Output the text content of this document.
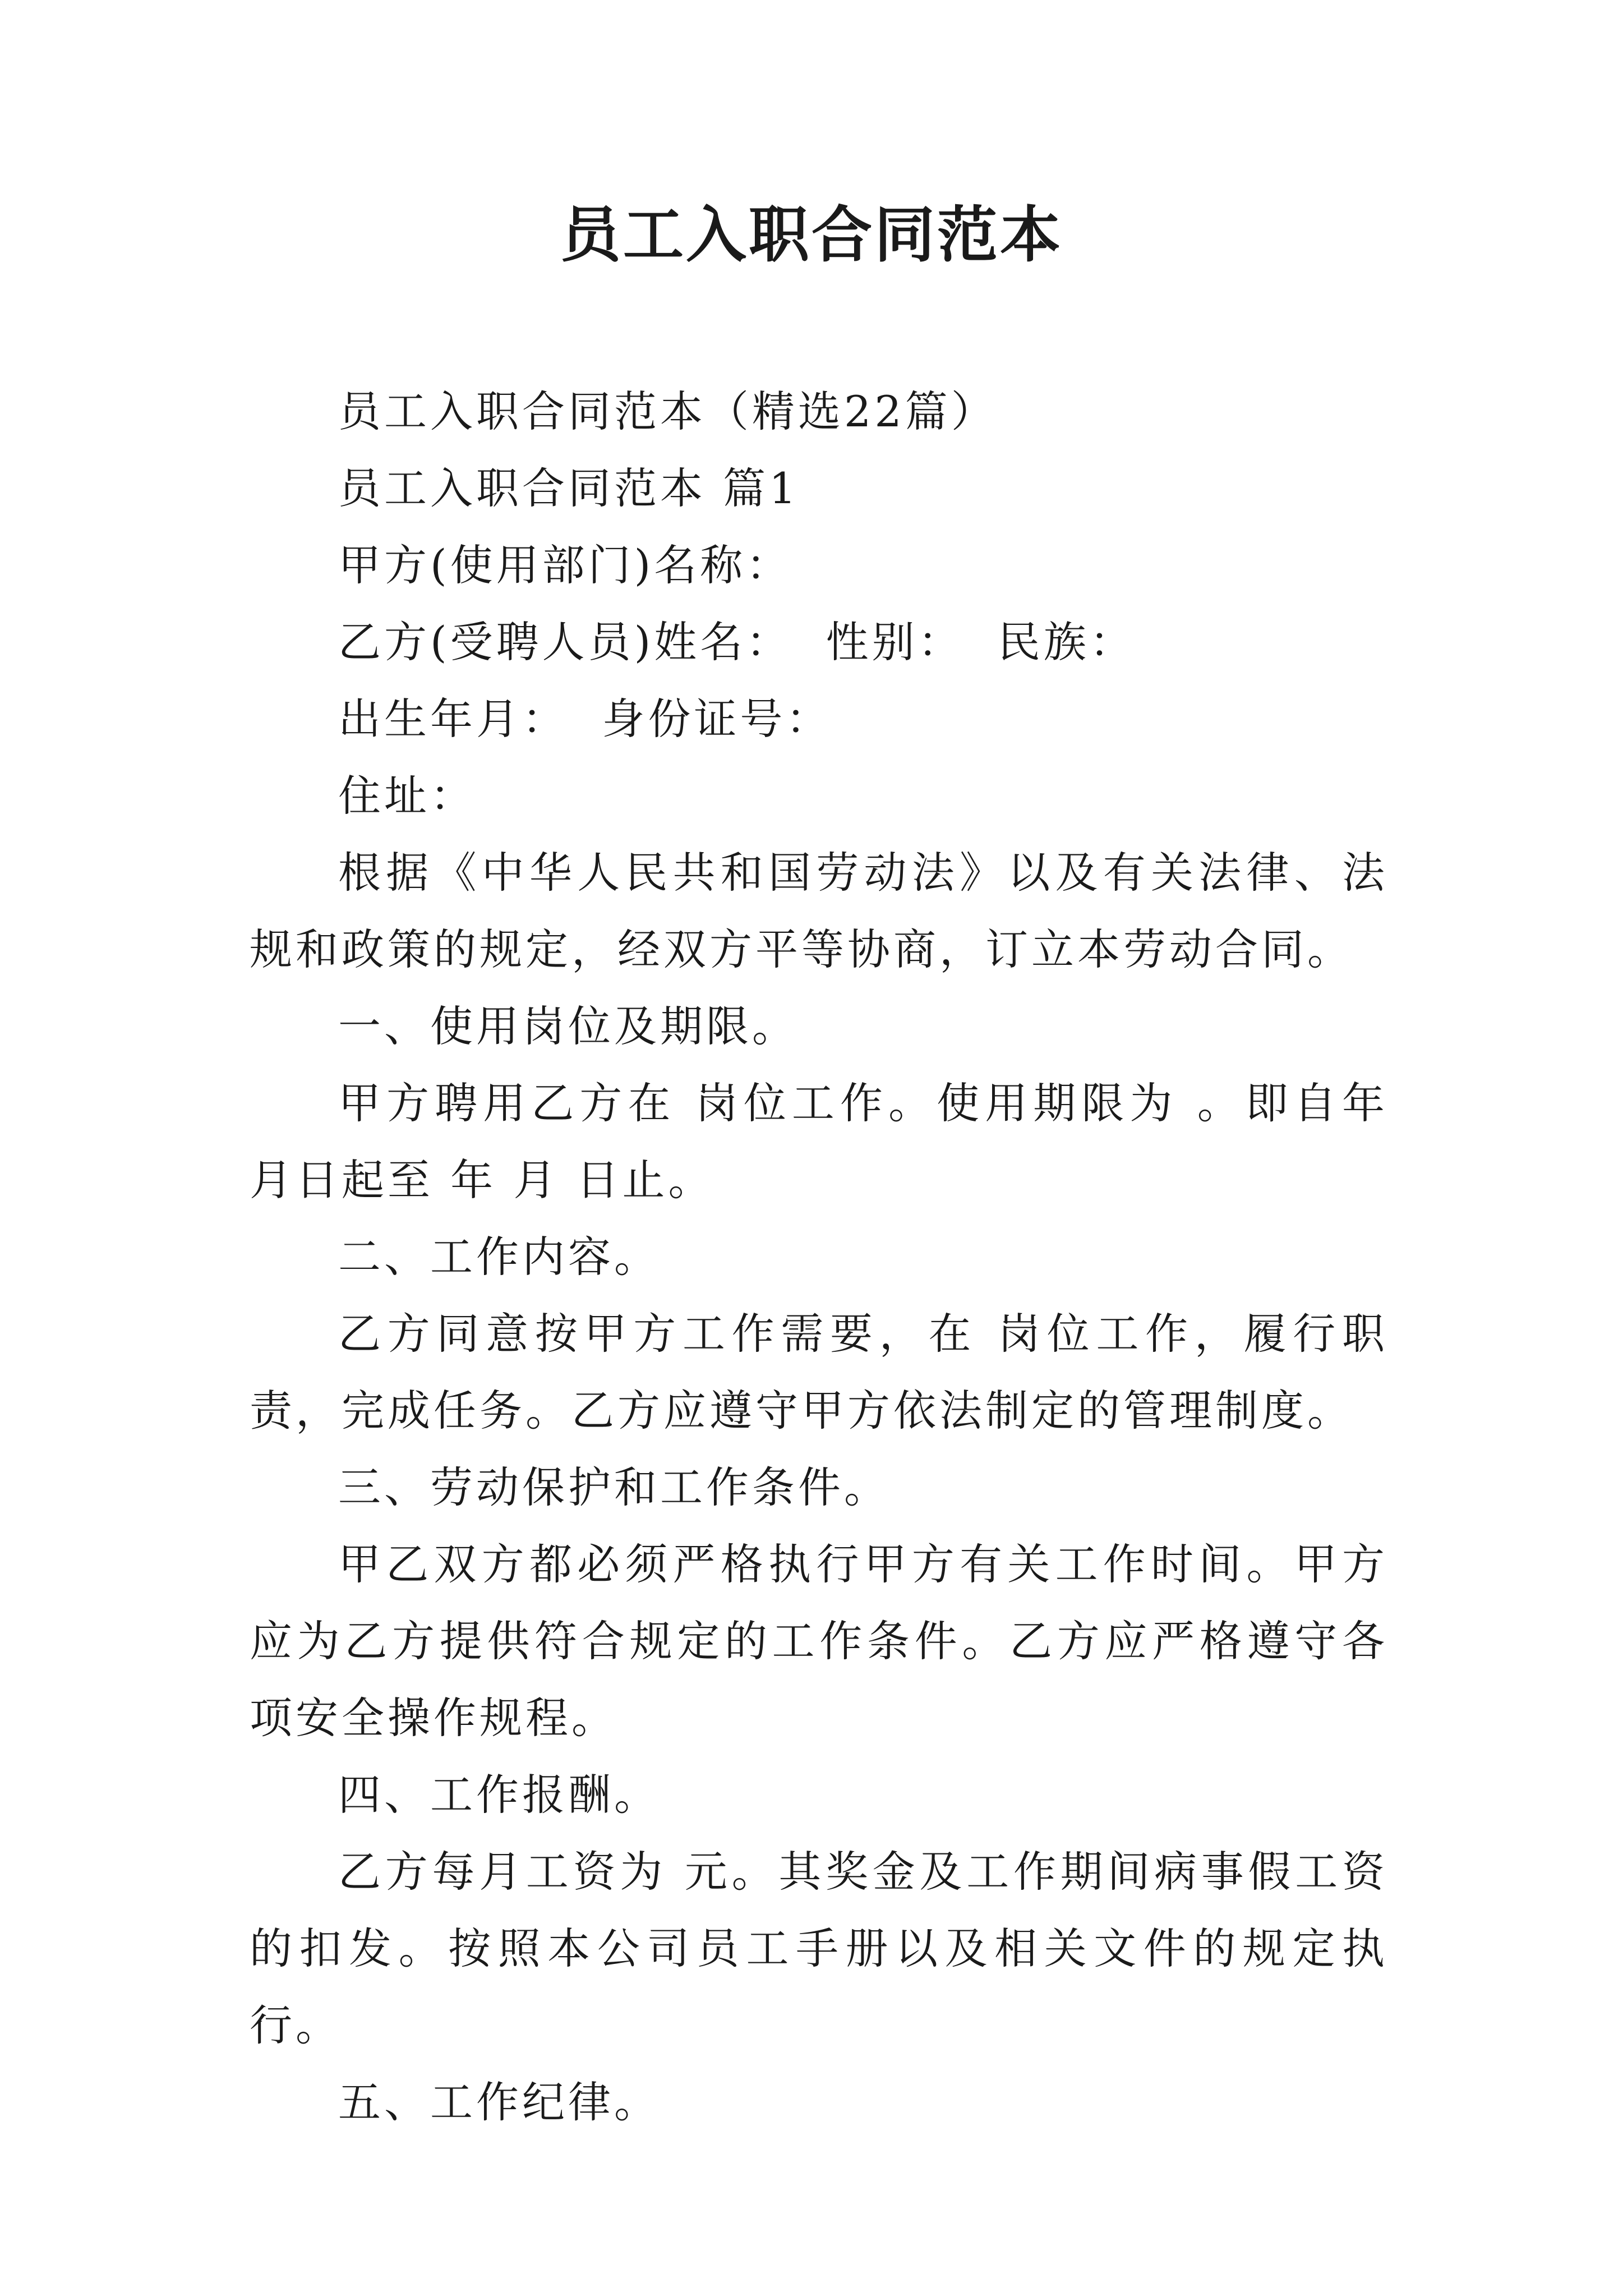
员工入职合同范本

员工入职合同范本（精选22篇）

员工入职合同范本 篇1

甲方(使用部门)名称：

乙方(受聘人员)姓名：  性别：  民族：

出生年月：  身份证号：

住址：

根据《中华人民共和国劳动法》以及有关法律、法规和政策的规定，经双方平等协商，订立本劳动合同。

一、使用岗位及期限。

甲方聘用乙方在 岗位工作。使用期限为 。即自年 月日起至 年 月 日止。

二、工作内容。

乙方同意按甲方工作需要，在 岗位工作，履行职责，完成任务。乙方应遵守甲方依法制定的管理制度。

三、劳动保护和工作条件。

甲乙双方都必须严格执行甲方有关工作时间。甲方应为乙方提供符合规定的工作条件。乙方应严格遵守各项安全操作规程。

四、工作报酬。

乙方每月工资为 元。其奖金及工作期间病事假工资的扣发。按照本公司员工手册以及相关文件的规定执行。

五、工作纪律。
